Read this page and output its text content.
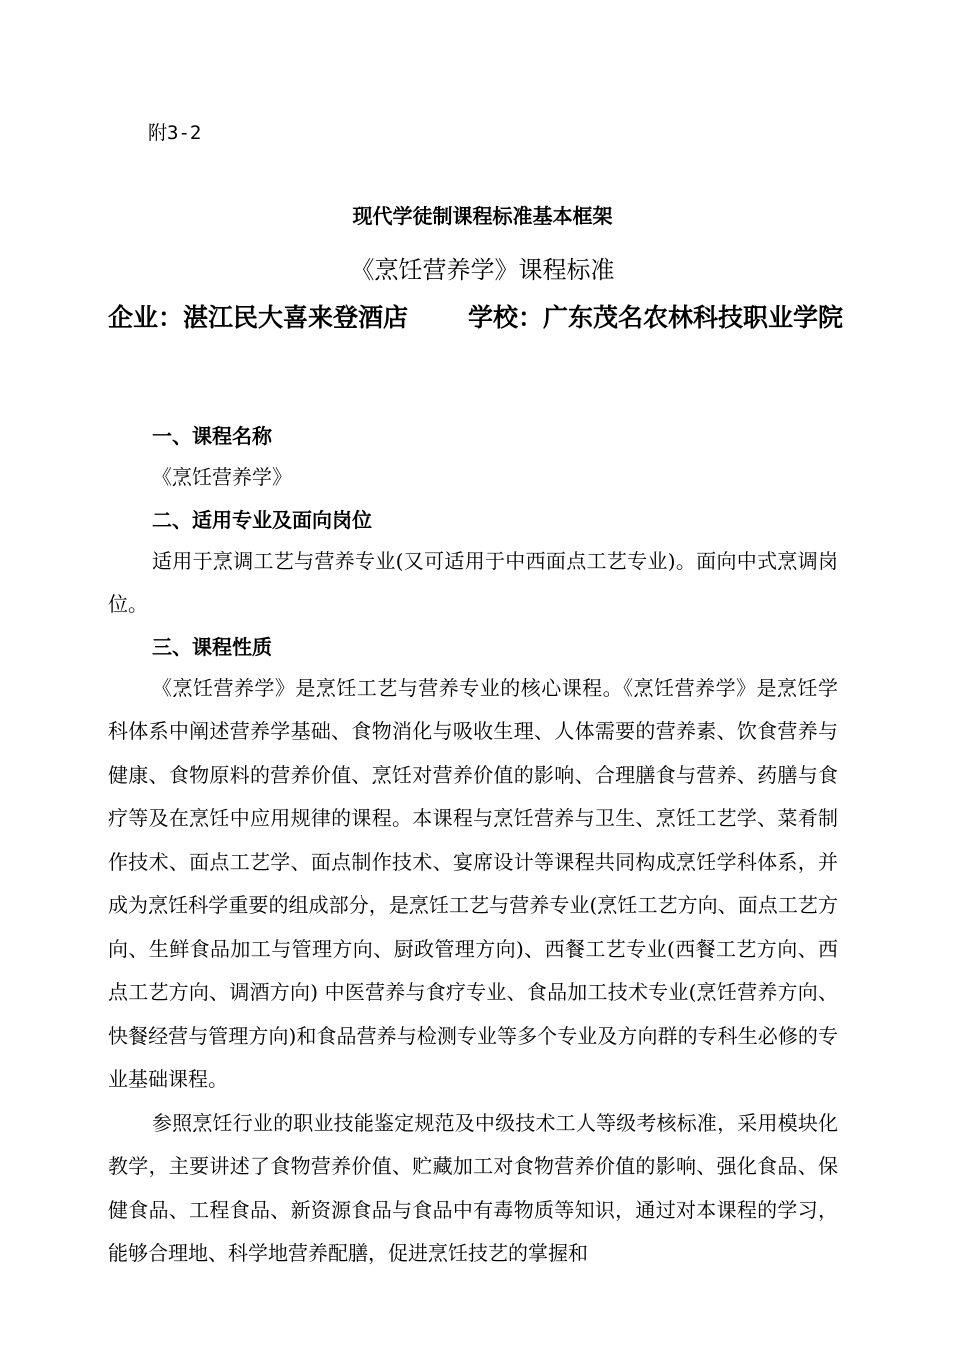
附3-2
现代学徒制课程标准基本框架
《烹饪营养学》课程标准
企业：湛江民大喜来登酒店 学校：广东茂名农林科技职业学院
一、课程名称
《烹饪营养学》
二、适用专业及面向岗位
适用于烹调工艺与营养专业(又可适用于中西面点工艺专业)。面向中式烹调岗位。
三、课程性质
《烹饪营养学》是烹饪工艺与营养专业的核心课程。《烹饪营养学》是烹饪学科体系中阐述营养学基础、食物消化与吸收生理、人体需要的营养素、饮食营养与健康、食物原料的营养价值、烹饪对营养价值的影响、合理膳食与营养、药膳与食疗等及在烹饪中应用规律的课程。本课程与烹饪营养与卫生、烹饪工艺学、菜肴制作技术、面点工艺学、面点制作技术、宴席设计等课程共同构成烹饪学科体系，并成为烹饪科学重要的组成部分，是烹饪工艺与营养专业(烹饪工艺方向、面点工艺方向、生鲜食品加工与管理方向、厨政管理方向)、西餐工艺专业(西餐工艺方向、西点工艺方向、调酒方向) 中医营养与食疗专业、食品加工技术专业(烹饪营养方向、快餐经营与管理方向)和食品营养与检测专业等多个专业及方向群的专科生必修的专业基础课程。
参照烹饪行业的职业技能鉴定规范及中级技术工人等级考核标准，采用模块化教学，主要讲述了食物营养价值、贮藏加工对食物营养价值的影响、强化食品、保健食品、工程食品、新资源食品与食品中有毒物质等知识，通过对本课程的学习，能够合理地、科学地营养配膳，促进烹饪技艺的掌握和
